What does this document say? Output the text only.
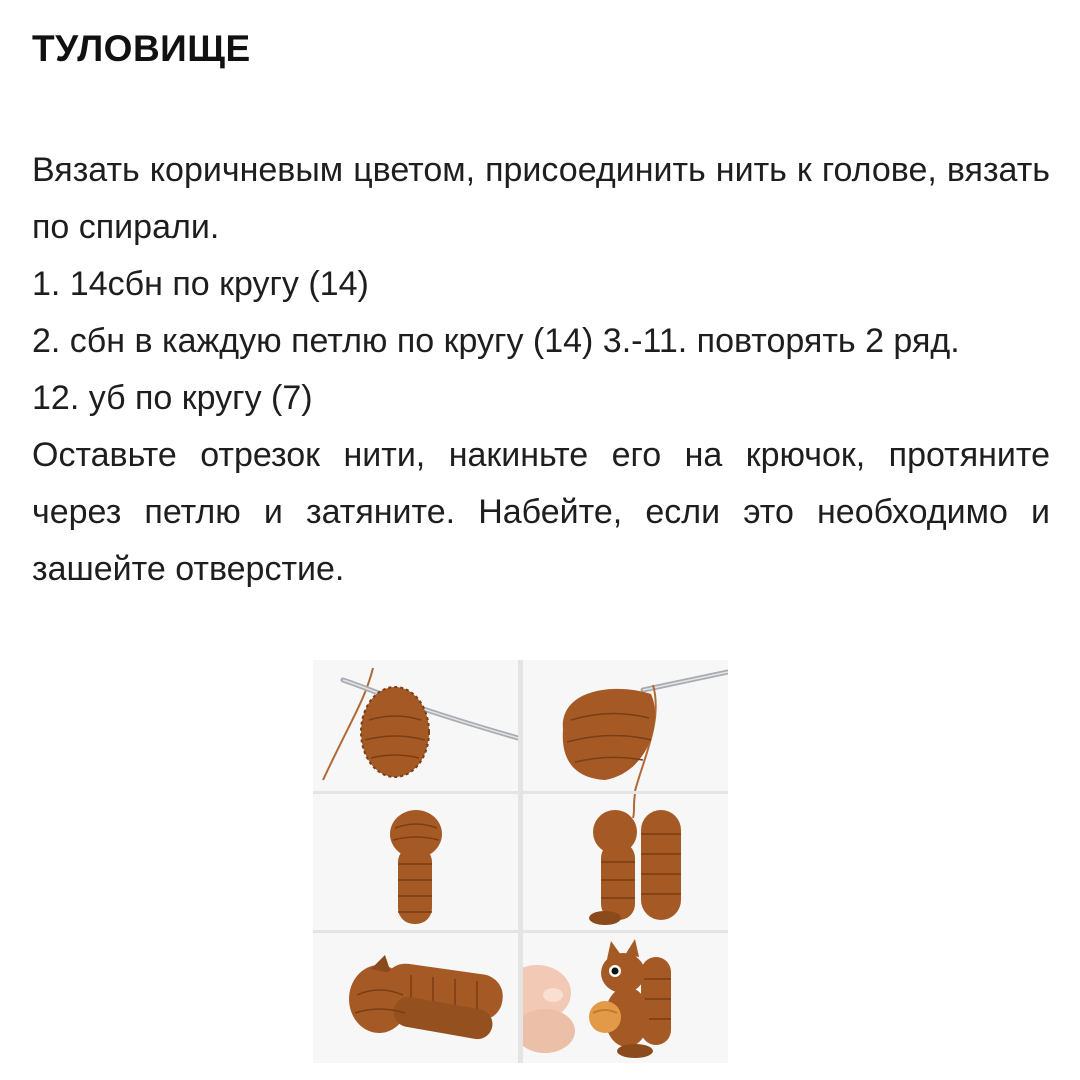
ТУЛОВИЩЕ

Вязать коричневым цветом, присоединить нить к голове, вязать по спирали.

1. 14сбн по кругу (14)

2. сбн в каждую петлю по кругу (14) 3.-11. повторять 2 ряд.

12. уб по кругу (7)

Оставьте отрезок нити, накиньте его на крючок, протяните через петлю и затяните. Набейте, если это необходимо и зашейте отверстие.
